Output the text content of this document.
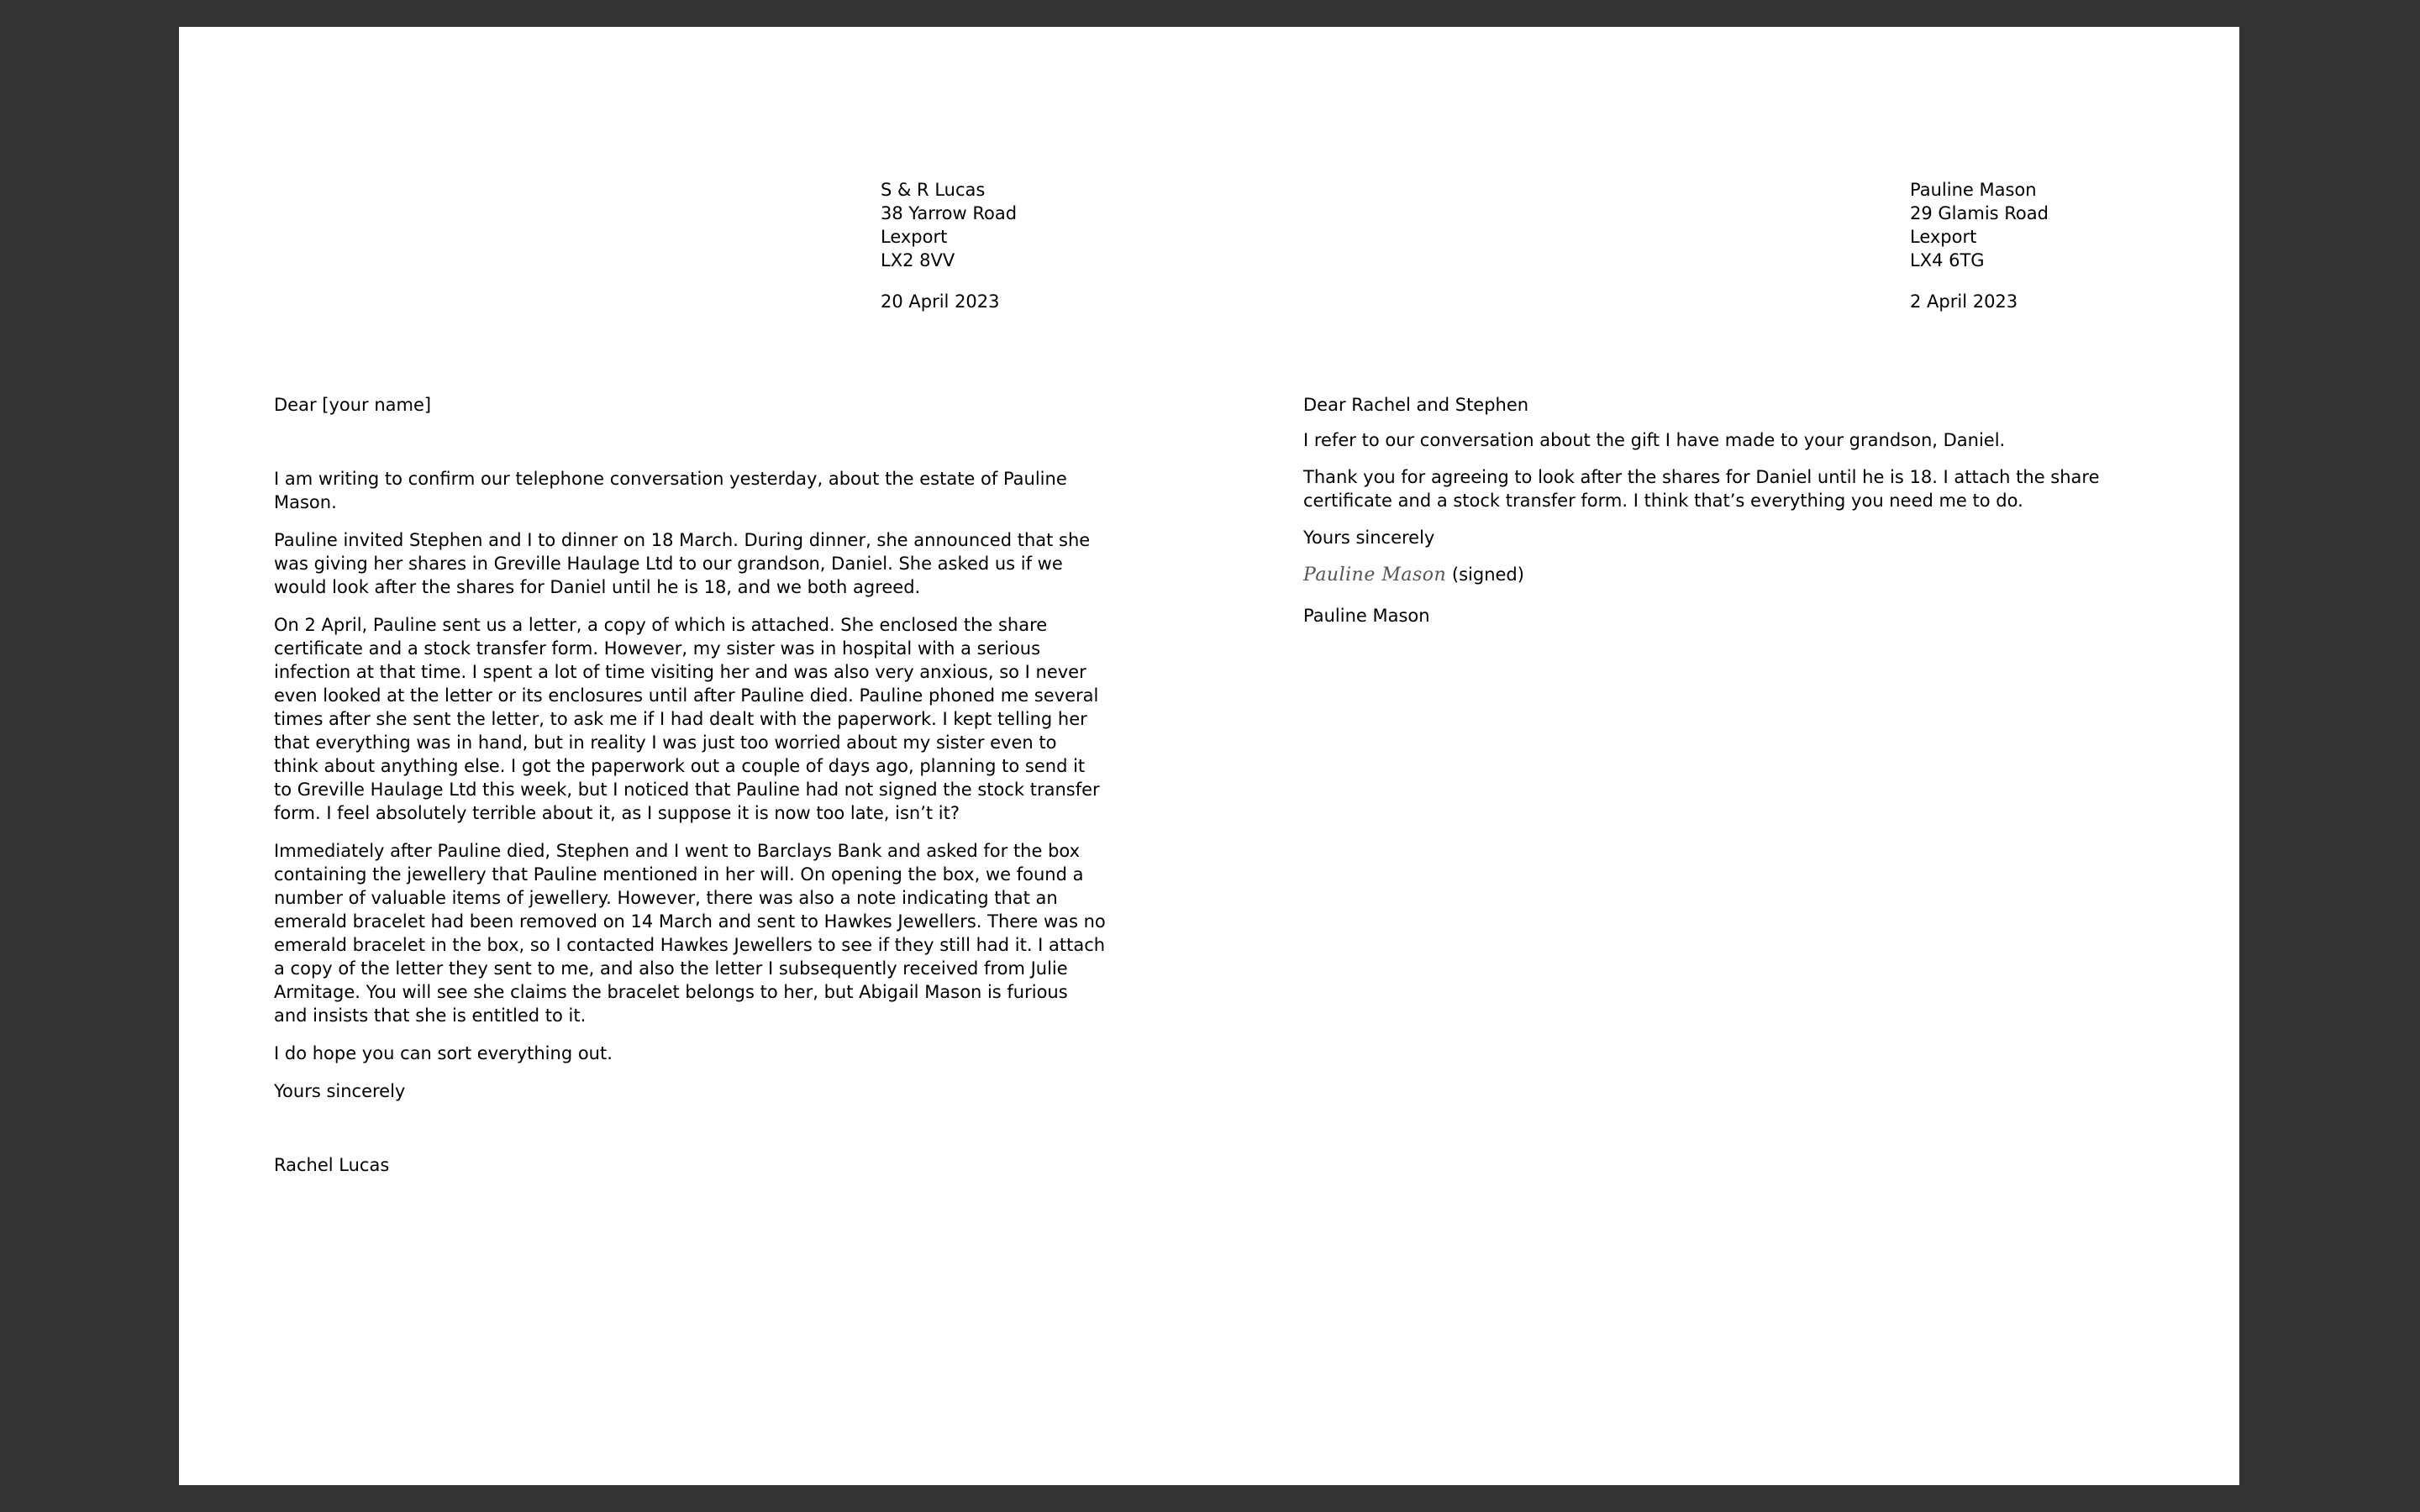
S & R Lucas
38 Yarrow Road
Lexport
LX2 8VV
20 April 2023

Dear [your name]

I am writing to confirm our telephone conversation yesterday, about the estate of Pauline Mason.

Pauline invited Stephen and I to dinner on 18 March. During dinner, she announced that she was giving her shares in Greville Haulage Ltd to our grandson, Daniel. She asked us if we would look after the shares for Daniel until he is 18, and we both agreed.

On 2 April, Pauline sent us a letter, a copy of which is attached. She enclosed the share certificate and a stock transfer form. However, my sister was in hospital with a serious infection at that time. I spent a lot of time visiting her and was also very anxious, so I never even looked at the letter or its enclosures until after Pauline died. Pauline phoned me several times after she sent the letter, to ask me if I had dealt with the paperwork. I kept telling her that everything was in hand, but in reality I was just too worried about my sister even to think about anything else. I got the paperwork out a couple of days ago, planning to send it to Greville Haulage Ltd this week, but I noticed that Pauline had not signed the stock transfer form. I feel absolutely terrible about it, as I suppose it is now too late, isn’t it?

Immediately after Pauline died, Stephen and I went to Barclays Bank and asked for the box containing the jewellery that Pauline mentioned in her will. On opening the box, we found a number of valuable items of jewellery. However, there was also a note indicating that an emerald bracelet had been removed on 14 March and sent to Hawkes Jewellers. There was no emerald bracelet in the box, so I contacted Hawkes Jewellers to see if they still had it. I attach a copy of the letter they sent to me, and also the letter I subsequently received from Julie Armitage. You will see she claims the bracelet belongs to her, but Abigail Mason is furious and insists that she is entitled to it.

I do hope you can sort everything out.

Yours sincerely

Rachel Lucas

Pauline Mason
29 Glamis Road
Lexport
LX4 6TG
2 April 2023

Dear Rachel and Stephen

I refer to our conversation about the gift I have made to your grandson, Daniel.

Thank you for agreeing to look after the shares for Daniel until he is 18. I attach the share certificate and a stock transfer form. I think that’s everything you need me to do.

Yours sincerely

Pauline Mason (signed)

Pauline Mason
